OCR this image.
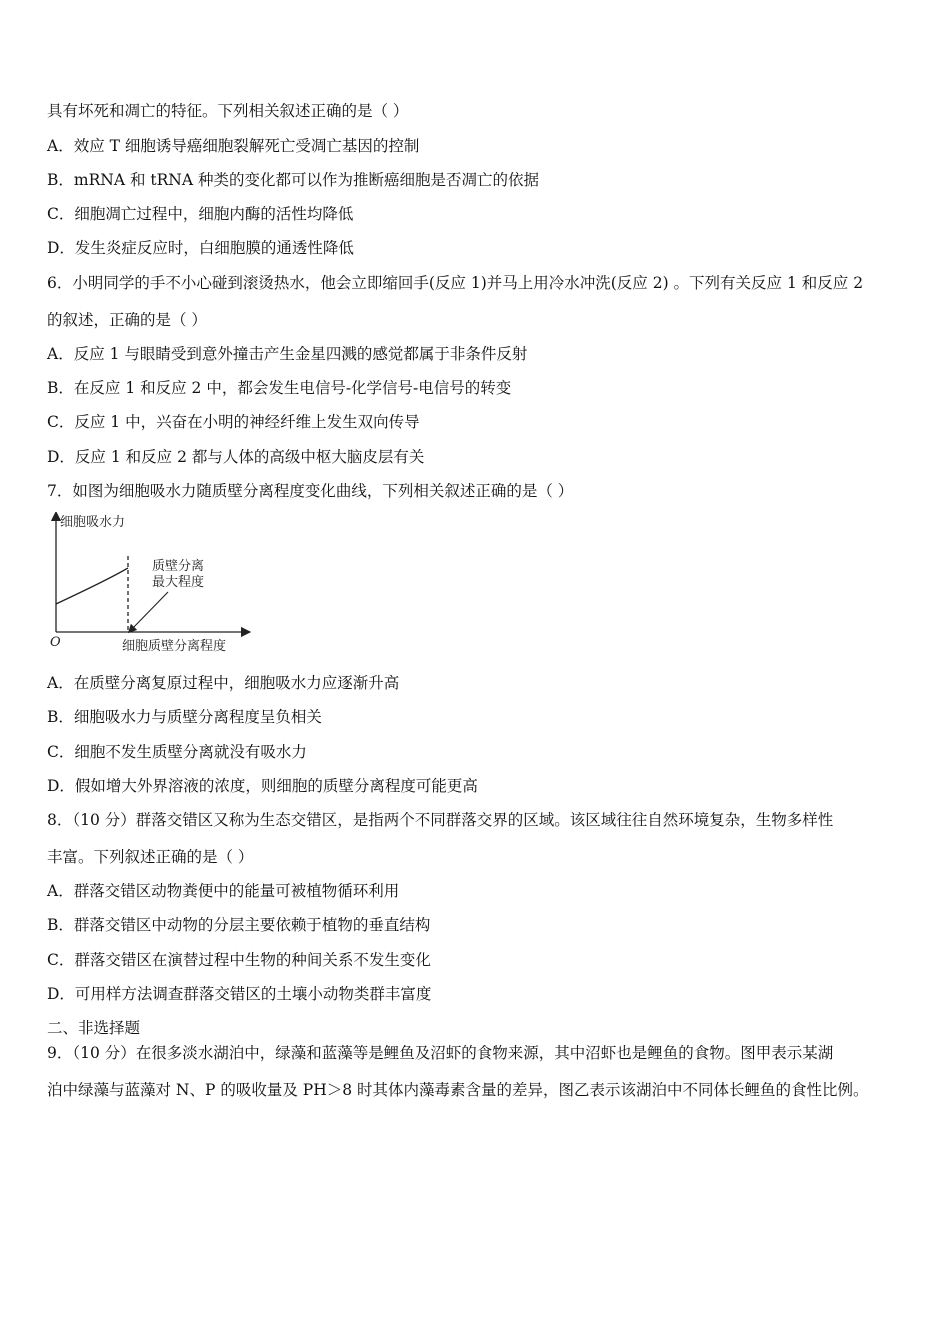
具有坏死和凋亡的特征。下列相关叙述正确的是（ ）

A．效应 T 细胞诱导癌细胞裂解死亡受凋亡基因的控制

B．mRNA 和 tRNA 种类的变化都可以作为推断癌细胞是否凋亡的依据

C．细胞凋亡过程中，细胞内酶的活性均降低

D．发生炎症反应时，白细胞膜的通透性降低

6．小明同学的手不小心碰到滚烫热水，他会立即缩回手(反应 1)并马上用冷水冲洗(反应 2) 。下列有关反应 1 和反应 2

的叙述，正确的是（ ）

A．反应 1 与眼睛受到意外撞击产生金星四溅的感觉都属于非条件反射

B．在反应 1 和反应 2 中，都会发生电信号-化学信号-电信号的转变

C．反应 1 中，兴奋在小明的神经纤维上发生双向传导

D．反应 1 和反应 2 都与人体的高级中枢大脑皮层有关

7．如图为细胞吸水力随质壁分离程度变化曲线，下列相关叙述正确的是（ ）

细胞吸水力
质壁分离
最大程度
O	细胞质壁分离程度

A．在质壁分离复原过程中，细胞吸水力应逐渐升高

B．细胞吸水力与质壁分离程度呈负相关

C．细胞不发生质壁分离就没有吸水力

D．假如增大外界溶液的浓度，则细胞的质壁分离程度可能更高

8．（10 分）群落交错区又称为生态交错区，是指两个不同群落交界的区域。该区域往往自然环境复杂，生物多样性

丰富。下列叙述正确的是（ ）

A．群落交错区动物粪便中的能量可被植物循环利用

B．群落交错区中动物的分层主要依赖于植物的垂直结构

C．群落交错区在演替过程中生物的种间关系不发生变化

D．可用样方法调查群落交错区的土壤小动物类群丰富度

二、非选择题

9．（10 分）在很多淡水湖泊中，绿藻和蓝藻等是鲤鱼及沼虾的食物来源，其中沼虾也是鲤鱼的食物。图甲表示某湖

泊中绿藻与蓝藻对 N、P 的吸收量及 PH＞8 时其体内藻毒素含量的差异，图乙表示该湖泊中不同体长鲤鱼的食性比例。
